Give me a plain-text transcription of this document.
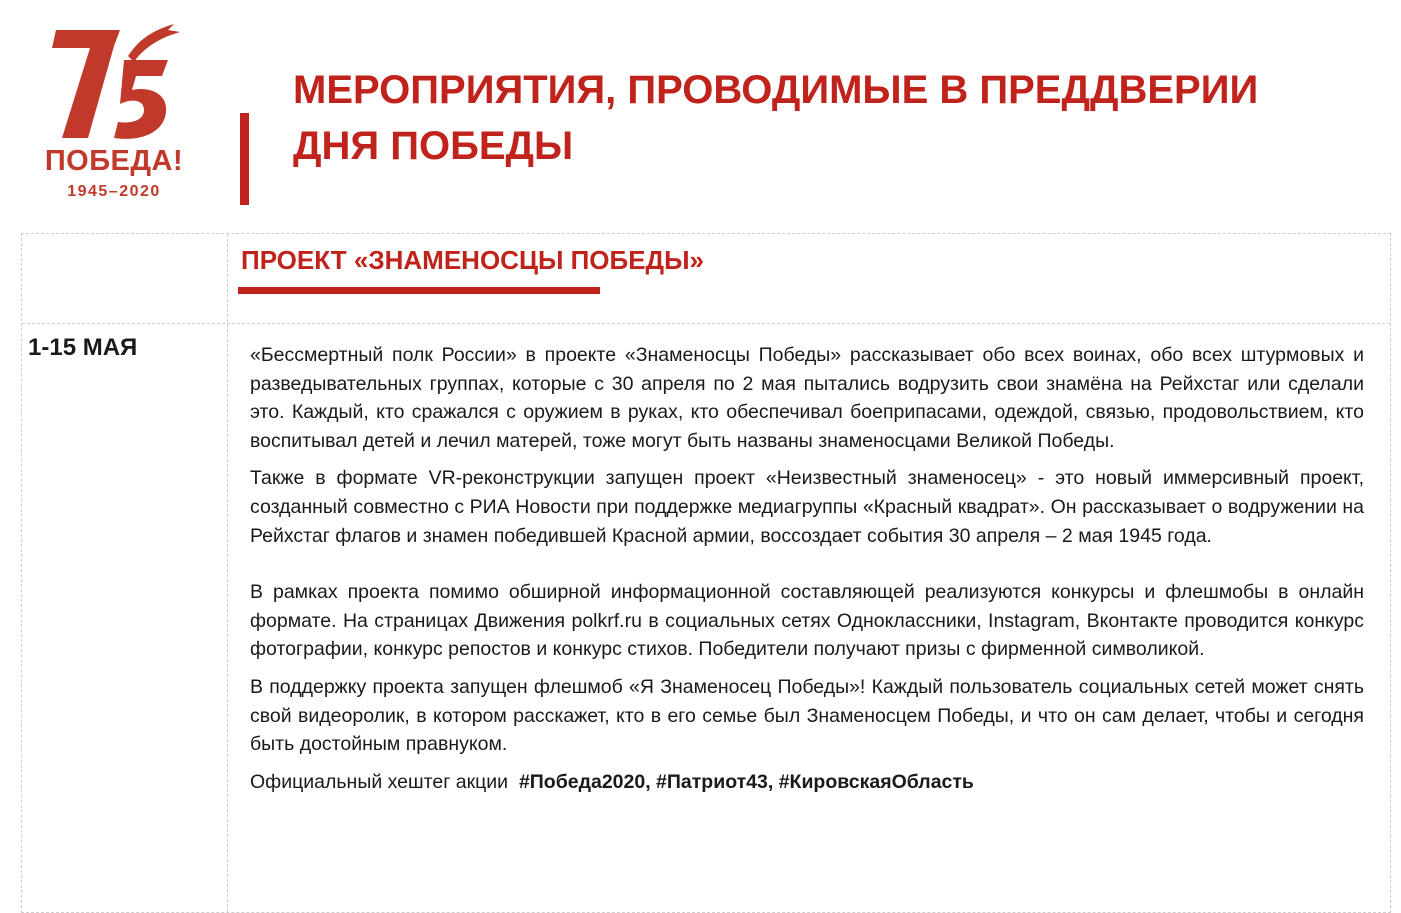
ПОБЕДА!
1945–2020
МЕРОПРИЯТИЯ, ПРОВОДИМЫЕ В ПРЕДДВЕРИИ
ДНЯ ПОБЕДЫ
ПРОЕКТ «ЗНАМЕНОСЦЫ ПОБЕДЫ»
1-15 МАЯ	«Бессмертный полк России» в проекте «Знаменосцы Победы» рассказывает обо всех воинах, обо всех штурмовых и разведывательных группах, которые с 30 апреля по 2 мая пытались водрузить свои знамёна на Рейхстаг или сделали это. Каждый, кто сражался с оружием в руках, кто обеспечивал боеприпасами, одеждой, связью, продовольствием, кто воспитывал детей и лечил матерей, тоже могут быть названы знаменосцами Великой Победы.

Также в формате VR-реконструкции запущен проект «Неизвестный знаменосец» - это новый иммерсивный проект, созданный совместно с РИА Новости при поддержке медиагруппы «Красный квадрат». Он рассказывает о водружении на Рейхстаг флагов и знамен победившей Красной армии, воссоздает события 30 апреля – 2 мая 1945 года.

В рамках проекта помимо обширной информационной составляющей реализуются конкурсы и флешмобы в онлайн формате. На страницах Движения polkrf.ru в социальных сетях Одноклассники, Instagram, Вконтакте проводится конкурс фотографии, конкурс репостов и конкурс стихов. Победители получают призы с фирменной символикой.

В поддержку проекта запущен флешмоб «Я Знаменосец Победы»! Каждый пользователь социальных сетей может снять свой видеоролик, в котором расскажет, кто в его семье был Знаменосцем Победы, и что он сам делает, чтобы и сегодня быть достойным правнуком.

Официальный хештег акции #Победа2020, #Патриот43, #КировскаяОбласть
